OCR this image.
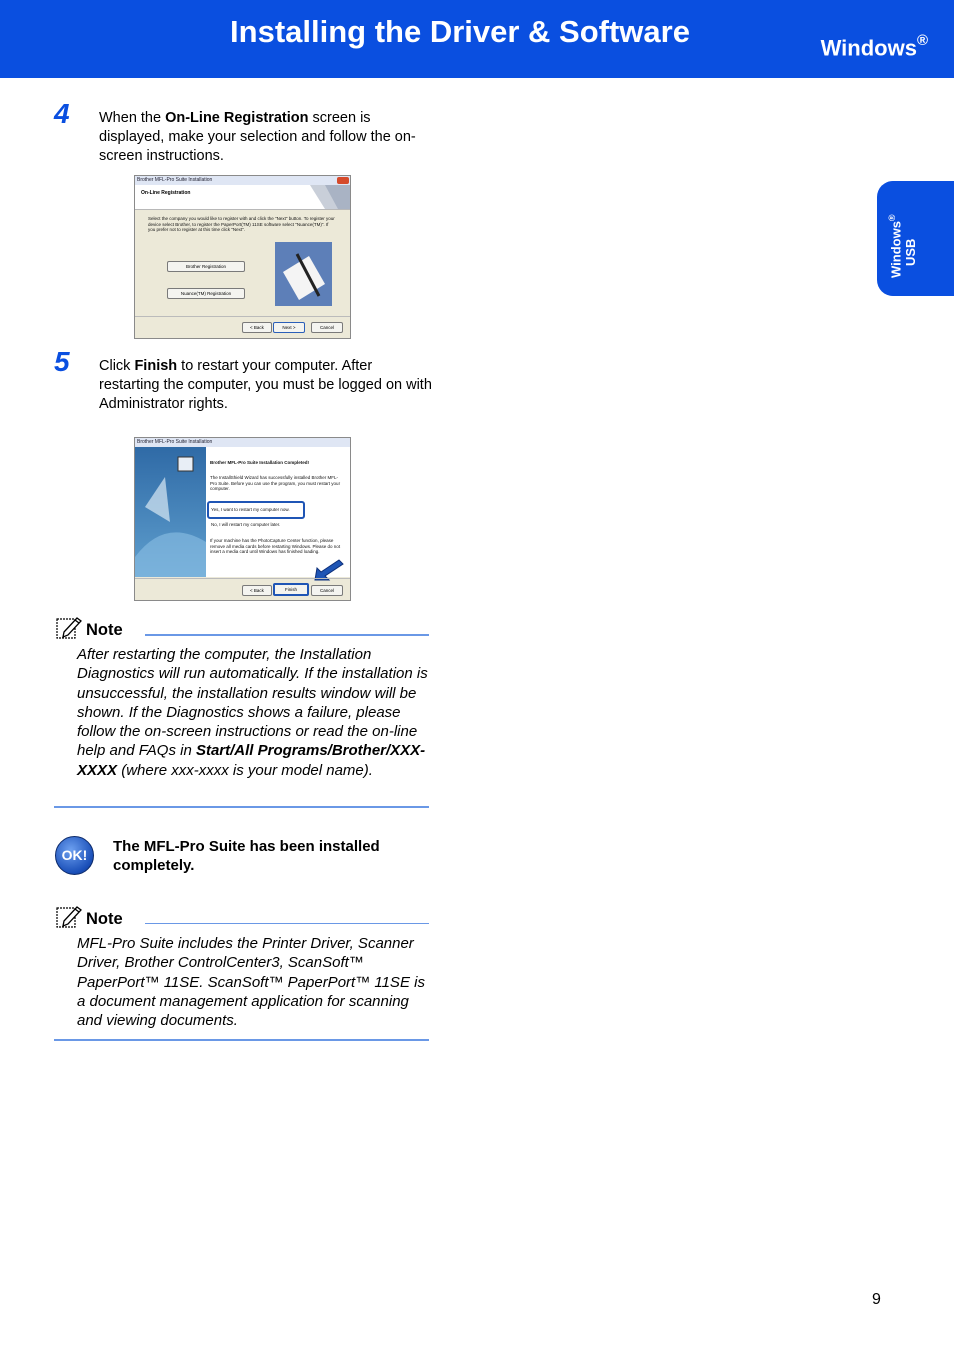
Installing the Driver & Software	Windows®
Windows®
USB
4 When the On-Line Registration screen is displayed, make your selection and follow the on-screen instructions.
Brother MFL-Pro Suite Installation
On-Line Registration
Select the company you would like to register with and click the "Next" button. To register your device select Brother, to register the PaperPort(TM) 11SE software select "Nuance(TM)". If you prefer not to register at this time click "Next".
Brother Registration
Nuance(TM) Registration
< Back	Next >	Cancel
5 Click Finish to restart your computer. After restarting the computer, you must be logged on with Administrator rights.
Brother MFL-Pro Suite Installation
Brother MFL-Pro Suite Installation Completed!
The InstallShield Wizard has successfully installed Brother MFL-Pro Suite. Before you can use the program, you must restart your computer.
Yes, I want to restart my computer now.
No, I will restart my computer later.
If your machine has the PhotoCapture Center function, please remove all media cards before restarting Windows. Please do not insert a media card until Windows has finished loading.
< Back	Finish	Cancel
Note
After restarting the computer, the Installation Diagnostics will run automatically. If the installation is unsuccessful, the installation results window will be shown. If the Diagnostics shows a failure, please follow the on-screen instructions or read the on-line help and FAQs in Start/All Programs/Brother/XXX-XXXX (where xxx-xxxx is your model name).
OK!	The MFL-Pro Suite has been installed completely.
Note
MFL-Pro Suite includes the Printer Driver, Scanner Driver, Brother ControlCenter3, ScanSoft™ PaperPort™ 11SE. ScanSoft™ PaperPort™ 11SE is a document management application for scanning and viewing documents.
9
